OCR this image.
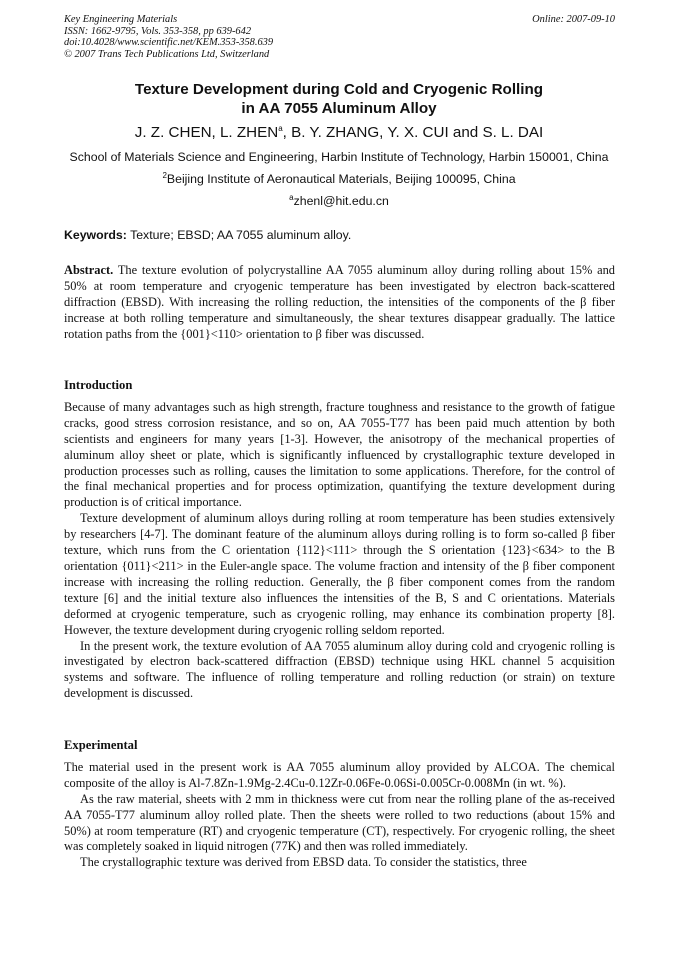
Key Engineering Materials
ISSN: 1662-9795, Vols. 353-358, pp 639-642
doi:10.4028/www.scientific.net/KEM.353-358.639
© 2007 Trans Tech Publications Ltd, Switzerland
Online: 2007-09-10
Texture Development during Cold and Cryogenic Rolling
in AA 7055 Aluminum Alloy
J. Z. CHEN, L. ZHEN$^a$, B. Y. ZHANG, Y. X. CUI and S. L. DAI
School of Materials Science and Engineering, Harbin Institute of Technology, Harbin 150001, China
$^2$Beijing Institute of Aeronautical Materials, Beijing 100095, China
$^a$zhenl@hit.edu.cn
Keywords: Texture; EBSD; AA 7055 aluminum alloy.

Abstract. The texture evolution of polycrystalline AA 7055 aluminum alloy during rolling about 15% and 50% at room temperature and cryogenic temperature has been investigated by electron back-scattered diffraction (EBSD). With increasing the rolling reduction, the intensities of the components of the β fiber increase at both rolling temperature and simultaneously, the shear textures disappear gradually. The lattice rotation paths from the {001}<110> orientation to β fiber was discussed.

Introduction

Because of many advantages such as high strength, fracture toughness and resistance to the growth of fatigue cracks, good stress corrosion resistance, and so on, AA 7055-T77 has been paid much attention by both scientists and engineers for many years [1-3]. However, the anisotropy of the mechanical properties of aluminum alloy sheet or plate, which is significantly influenced by crystallographic texture developed in production processes such as rolling, causes the limitation to some applications. Therefore, for the control of the final mechanical properties and for process optimization, quantifying the texture development during production is of critical importance.

Texture development of aluminum alloys during rolling at room temperature has been studies extensively by researchers [4-7]. The dominant feature of the aluminum alloys during rolling is to form so-called β fiber texture, which runs from the C orientation {112}<111> through the S orientation {123}<634> to the B orientation {011}<211> in the Euler-angle space. The volume fraction and intensity of the β fiber component increase with increasing the rolling reduction. Generally, the β fiber component comes from the random texture [6] and the initial texture also influences the intensities of the B, S and C orientations. Materials deformed at cryogenic temperature, such as cryogenic rolling, may enhance its combination property [8]. However, the texture development during cryogenic rolling seldom reported.

In the present work, the texture evolution of AA 7055 aluminum alloy during cold and cryogenic rolling is investigated by electron back-scattered diffraction (EBSD) technique using HKL channel 5 acquisition systems and software. The influence of rolling temperature and rolling reduction (or strain) on texture development is discussed.

Experimental

The material used in the present work is AA 7055 aluminum alloy provided by ALCOA. The chemical composite of the alloy is Al-7.8Zn-1.9Mg-2.4Cu-0.12Zr-0.06Fe-0.06Si-0.005Cr-0.008Mn (in wt. %).

As the raw material, sheets with 2 mm in thickness were cut from near the rolling plane of the as-received AA 7055-T77 aluminum alloy rolled plate. Then the sheets were rolled to two reductions (about 15% and 50%) at room temperature (RT) and cryogenic temperature (CT), respectively. For cryogenic rolling, the sheet was completely soaked in liquid nitrogen (77K) and then was rolled immediately.

The crystallographic texture was derived from EBSD data. To consider the statistics, three
